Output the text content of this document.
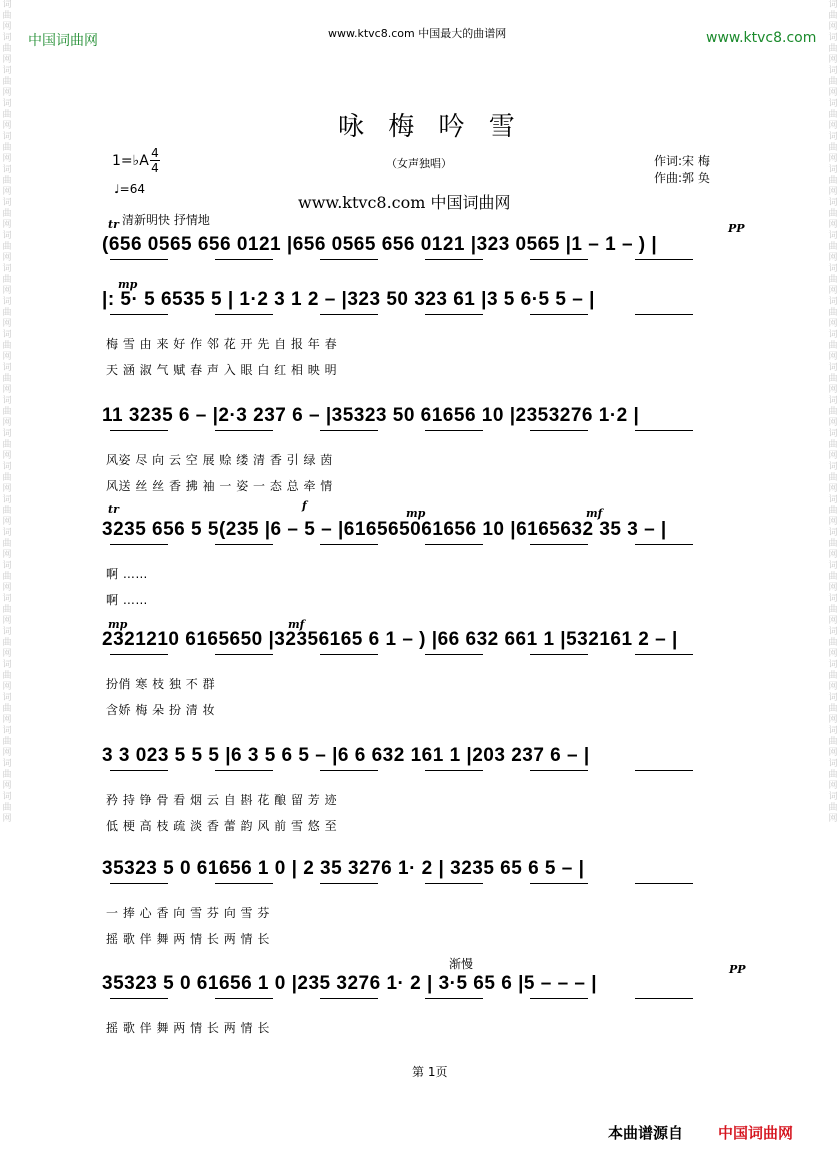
词
曲
网
词
曲
网
词
曲
网
词
曲
网
词
曲
网
词
曲
网
词
曲
网
词
曲
网
词
曲
网
词
曲
网
词
曲
网
词
曲
网
词
曲
网
词
曲
网
词
曲
网
词
曲
网
词
曲
网
词
曲
网
词
曲
网
词
曲
网
词
曲
网
词
曲
网
词
曲
网
词
曲
网
词
曲
网
词
曲
网
词
曲
网
词
曲
网
词
曲
网
词
曲
网
词
曲
网
词
曲
网
词
曲
网
词
曲
网
词
曲
网
词
曲
网
词
曲
网
词
曲
网
词
曲
网
词
曲
网
词
曲
网
词
曲
网
词
曲
网
词
曲
网
词
曲
网
词
曲
网
词
曲
网
词
曲
网
词
曲
网
词
曲
网
中国词曲网	www.ktvc8.com 中国最大的曲谱网	www.ktvc8.com
咏 梅 吟 雪
1=♭A 4
4
♩=64
（女声独唱）	作词:宋 梅
作曲:郭 奂
www.ktvc8.com 中国词曲网
清新明快 抒情地
(656 0565 656 0121 |656 0565 656 0121 |323 0565 |1 – 1 – ) |
tr
|: 5· 5 6535 5 | 1·2 3 1 2 – |323 50 323 61 |3 5 6·5 5 – |
梅 雪 由 来 好 作 邻 花 开 先 自 报 年 春
天 涵 淑 气 赋 春 声 入 眼 白 红 相 映 明
11 3235 6 – |2·3 237 6 – |35323 50 61656 10 |2353276 1·2 |
风姿 尽 向 云 空 展 赊 缕 清 香 引 绿 茵
风送 丝 丝 香 拂 袖 一 姿 一 态 总 牵 情
3235 656 5 5(235 |6 – 5 – |616565061656 10 |6165632 35 3 – |
啊 ……
啊 ……
tr
2321210 6165650 |32356165 6 1 – ) |66 632 661 1 |532161 2 – |
扮俏 寒 枝 独 不 群
含娇 梅 朵 扮 清 妆
3 3 023 5 5 5 |6 3 5 6 5 – |6 6 632 161 1 |203 237 6 – |
矜 持 铮 骨 看 烟 云 自 斟 花 酿 留 芳 迹
低 梗 高 枝 疏 淡 香 蕾 韵 风 前 雪 悠 至
35323 5 0 61656 1 0 | 2 35 3276 1· 2 | 3235 65 6 5 – |
一 捧 心 香 向 雪 芬 向 雪 芬
摇 歌 伴 舞 两 情 长 两 情 长
35323 5 0 61656 1 0 |235 3276 1· 2 | 3·5 65 6 |5 – – – |
摇 歌 伴 舞 两 情 长 两 情 长
渐慢
第 1页
本曲谱源自 中国词曲网
PP
mp
f
mp	mf
mp	mf
PP
